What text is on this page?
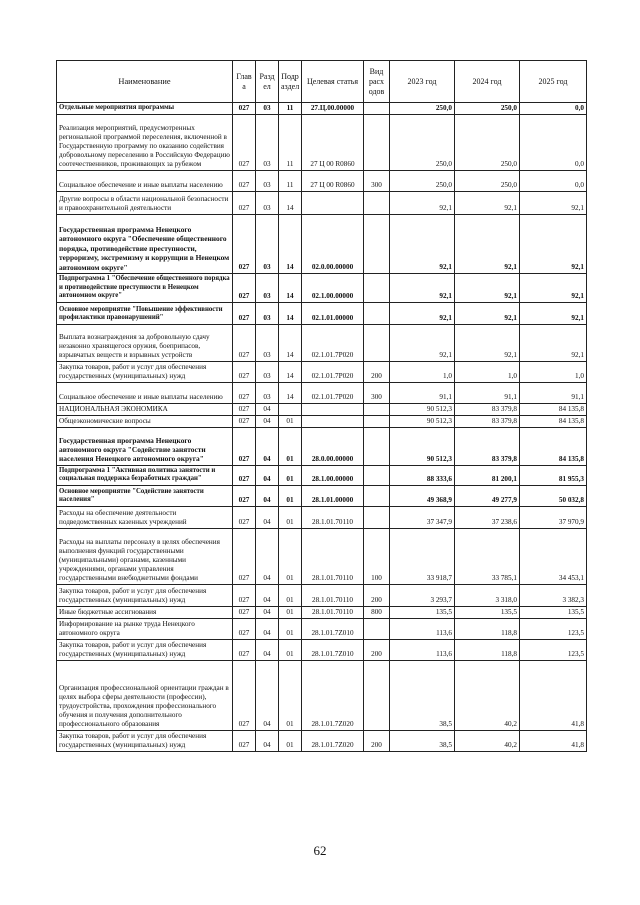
Наименование	Глав а	Разд ел	Подр аздел	Целевая статья	Вид расх одов	2023 год	2024 год	2025 год
Отдельные мероприятия программы	027	03	11	27.Ц.00.00000		250,0	250,0	0,0
Реализация мероприятий, предусмотренных региональной программой переселения, включенной в Государственную программу по оказанию содействия добровольному переселению в Российскую Федерацию соотечественников, проживающих за рубежом	027	03	11	27 Ц 00 R0860		250,0	250,0	0,0
Социальное обеспечение и иные выплаты населению	027	03	11	27 Ц 00 R0860	300	250,0	250,0	0,0
Другие вопросы в области национальной безопасности и правоохранительной деятельности	027	03	14			92,1	92,1	92,1
Государственная программа Ненецкого автономного округа "Обеспечение общественного порядка, противодействие преступности, терроризму, экстремизму и коррупции в Ненецком автономном округе"	027	03	14	02.0.00.00000		92,1	92,1	92,1
Подпрограмма 1 "Обеспечение общественного порядка и противодействие преступности в Ненецком автономном округе"	027	03	14	02.1.00.00000		92,1	92,1	92,1
Основное мероприятие "Повышение эффективности профилактики правонарушений"	027	03	14	02.1.01.00000		92,1	92,1	92,1
Выплата вознаграждения за добровольную сдачу незаконно хранящегося оружия, боеприпасов, взрывчатых веществ и взрывных устройств	027	03	14	02.1.01.7Р020		92,1	92,1	92,1
Закупка товаров, работ и услуг для обеспечения государственных (муниципальных) нужд	027	03	14	02.1.01.7Р020	200	1,0	1,0	1,0
Социальное обеспечение и иные выплаты населению	027	03	14	02.1.01.7Р020	300	91,1	91,1	91,1
НАЦИОНАЛЬНАЯ ЭКОНОМИКА	027	04				90 512,3	83 379,8	84 135,8
Общеэкономические вопросы	027	04	01			90 512,3	83 379,8	84 135,8
Государственная программа Ненецкого автономного округа "Содействие занятости населения Ненецкого автономного округа"	027	04	01	28.0.00.00000		90 512,3	83 379,8	84 135,8
Подпрограмма 1 "Активная политика занятости и социальная поддержка безработных граждан"	027	04	01	28.1.00.00000		88 333,6	81 200,1	81 955,3
Основное мероприятие "Содействие занятости населения"	027	04	01	28.1.01.00000		49 368,9	49 277,9	50 032,8
Расходы на обеспечение деятельности подведомственных казенных учреждений	027	04	01	28.1.01.70110		37 347,9	37 238,6	37 970,9
Расходы на выплаты персоналу в целях обеспечения выполнения функций государственными (муниципальными) органами, казенными учреждениями, органами управления государственными внебюджетными фондами	027	04	01	28.1.01.70110	100	33 918,7	33 785,1	34 453,1
Закупка товаров, работ и услуг для обеспечения государственных (муниципальных) нужд	027	04	01	28.1.01.70110	200	3 293,7	3 318,0	3 382,3
Иные бюджетные ассигнования	027	04	01	28.1.01.70110	800	135,5	135,5	135,5
Информирование на рынке труда Ненецкого автономного округа	027	04	01	28.1.01.7Z010		113,6	118,8	123,5
Закупка товаров, работ и услуг для обеспечения государственных (муниципальных) нужд	027	04	01	28.1.01.7Z010	200	113,6	118,8	123,5
Организация профессиональной ориентации граждан в целях выбора сферы деятельности (профессии), трудоустройства, прохождения профессионального обучения и получения дополнительного профессионального образования	027	04	01	28.1.01.7Z020		38,5	40,2	41,8
Закупка товаров, работ и услуг для обеспечения государственных (муниципальных) нужд	027	04	01	28.1.01.7Z020	200	38,5	40,2	41,8
62
